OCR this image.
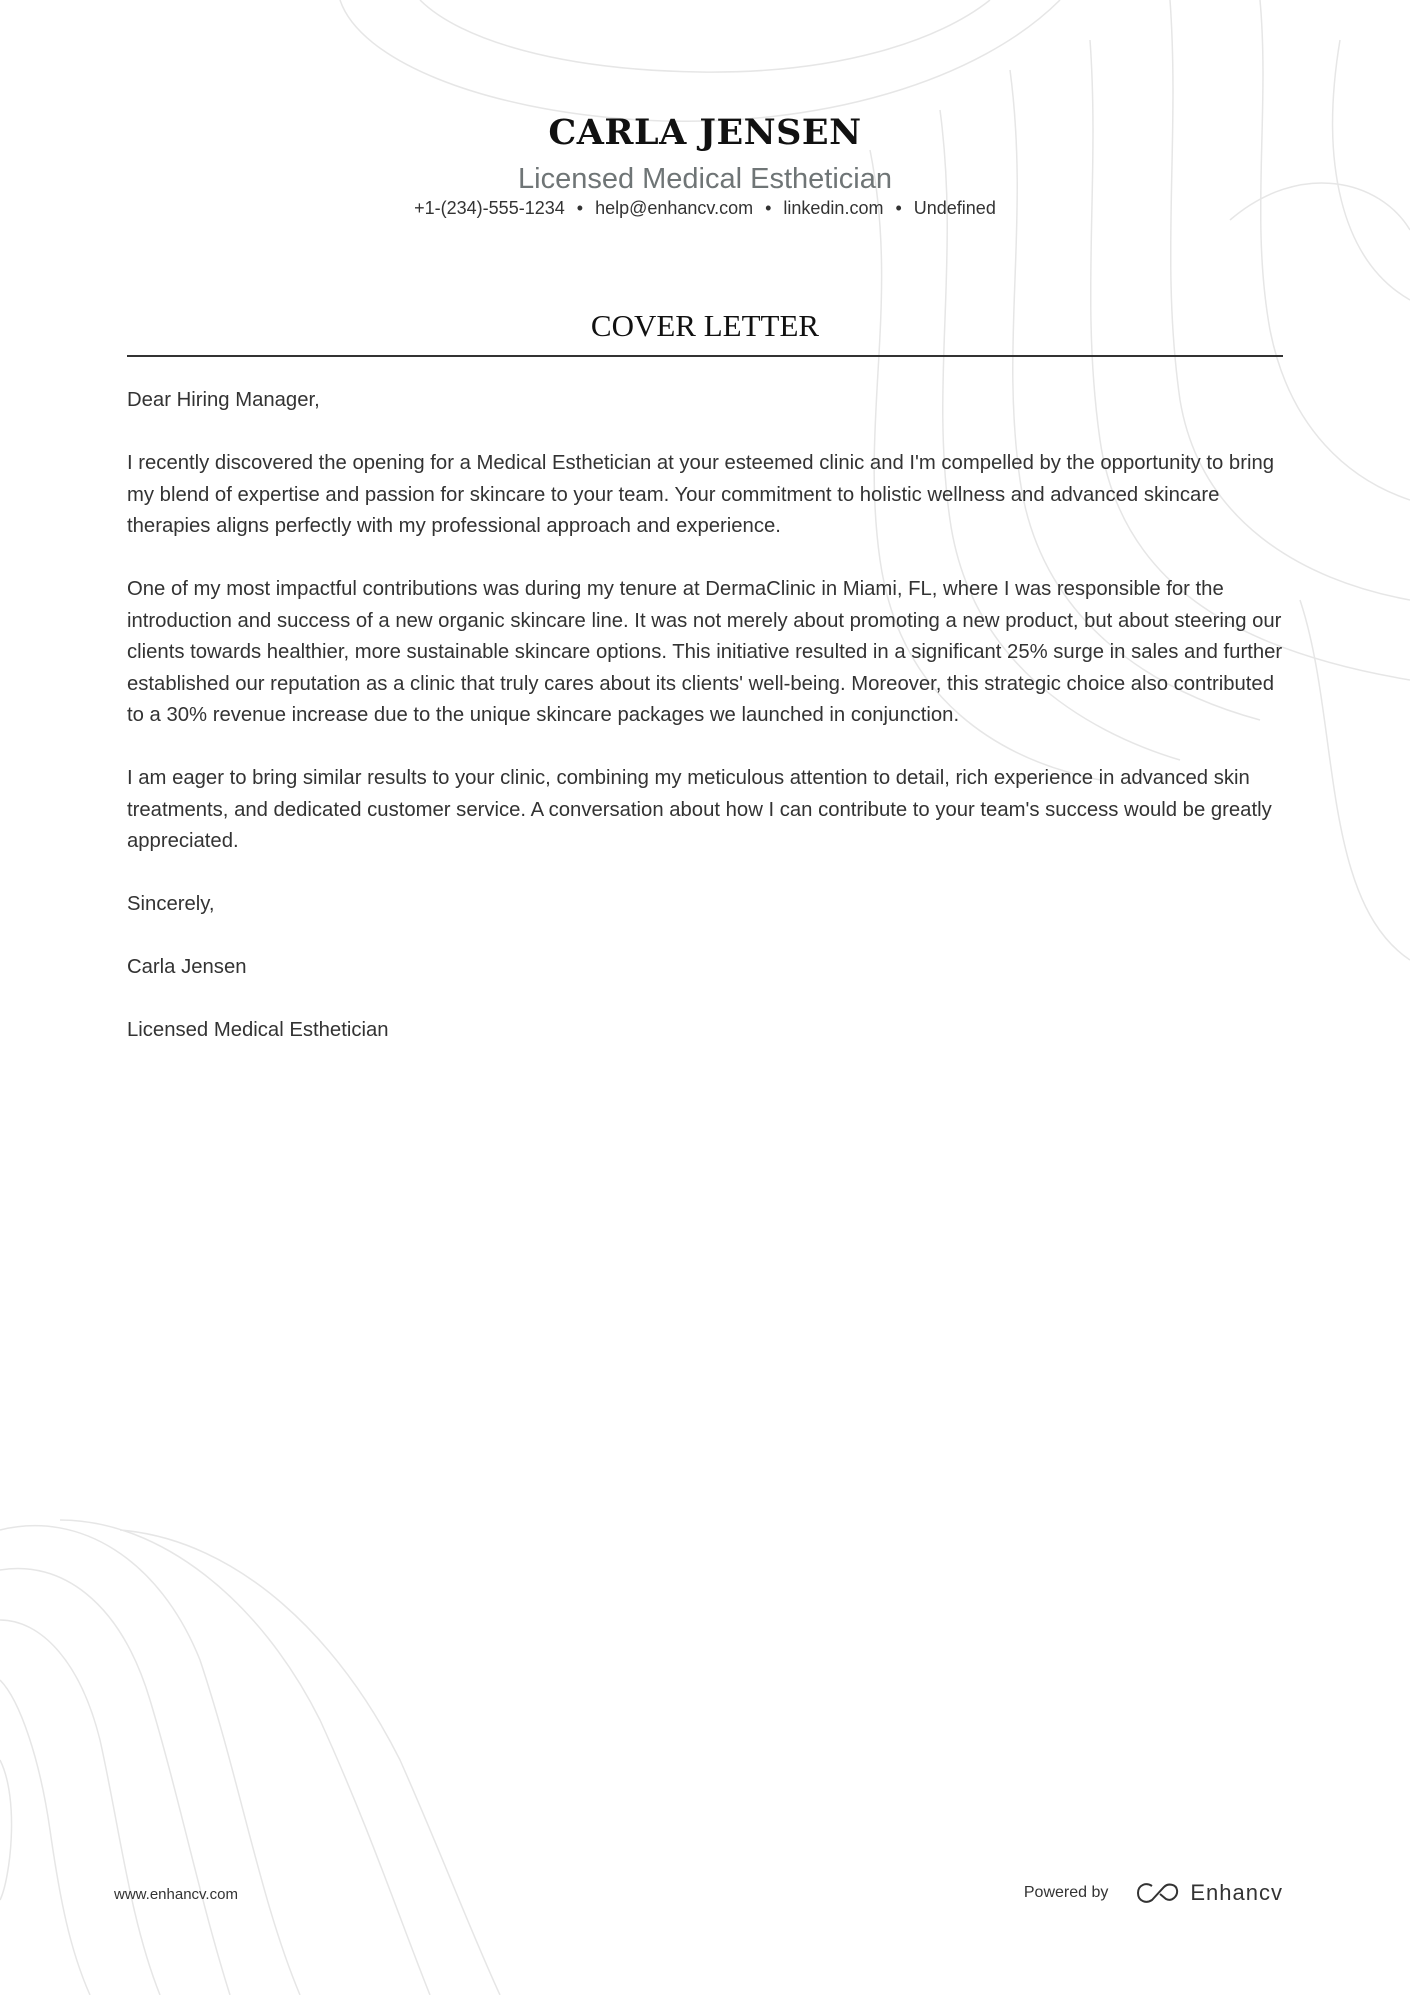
CARLA JENSEN
Licensed Medical Esthetician
+1-(234)-555-1234 • help@enhancv.com • linkedin.com • Undefined
COVER LETTER

Dear Hiring Manager,

I recently discovered the opening for a Medical Esthetician at your esteemed clinic and I'm compelled by the opportunity to bring my blend of expertise and passion for skincare to your team. Your commitment to holistic wellness and advanced skincare therapies aligns perfectly with my professional approach and experience.

One of my most impactful contributions was during my tenure at DermaClinic in Miami, FL, where I was responsible for the introduction and success of a new organic skincare line. It was not merely about promoting a new product, but about steering our clients towards healthier, more sustainable skincare options. This initiative resulted in a significant 25% surge in sales and further established our reputation as a clinic that truly cares about its clients' well-being. Moreover, this strategic choice also contributed to a 30% revenue increase due to the unique skincare packages we launched in conjunction.

I am eager to bring similar results to your clinic, combining my meticulous attention to detail, rich experience in advanced skin treatments, and dedicated customer service. A conversation about how I can contribute to your team's success would be greatly appreciated.

Sincerely,

Carla Jensen

Licensed Medical Esthetician

www.enhancv.com	Powered by	Enhancv
